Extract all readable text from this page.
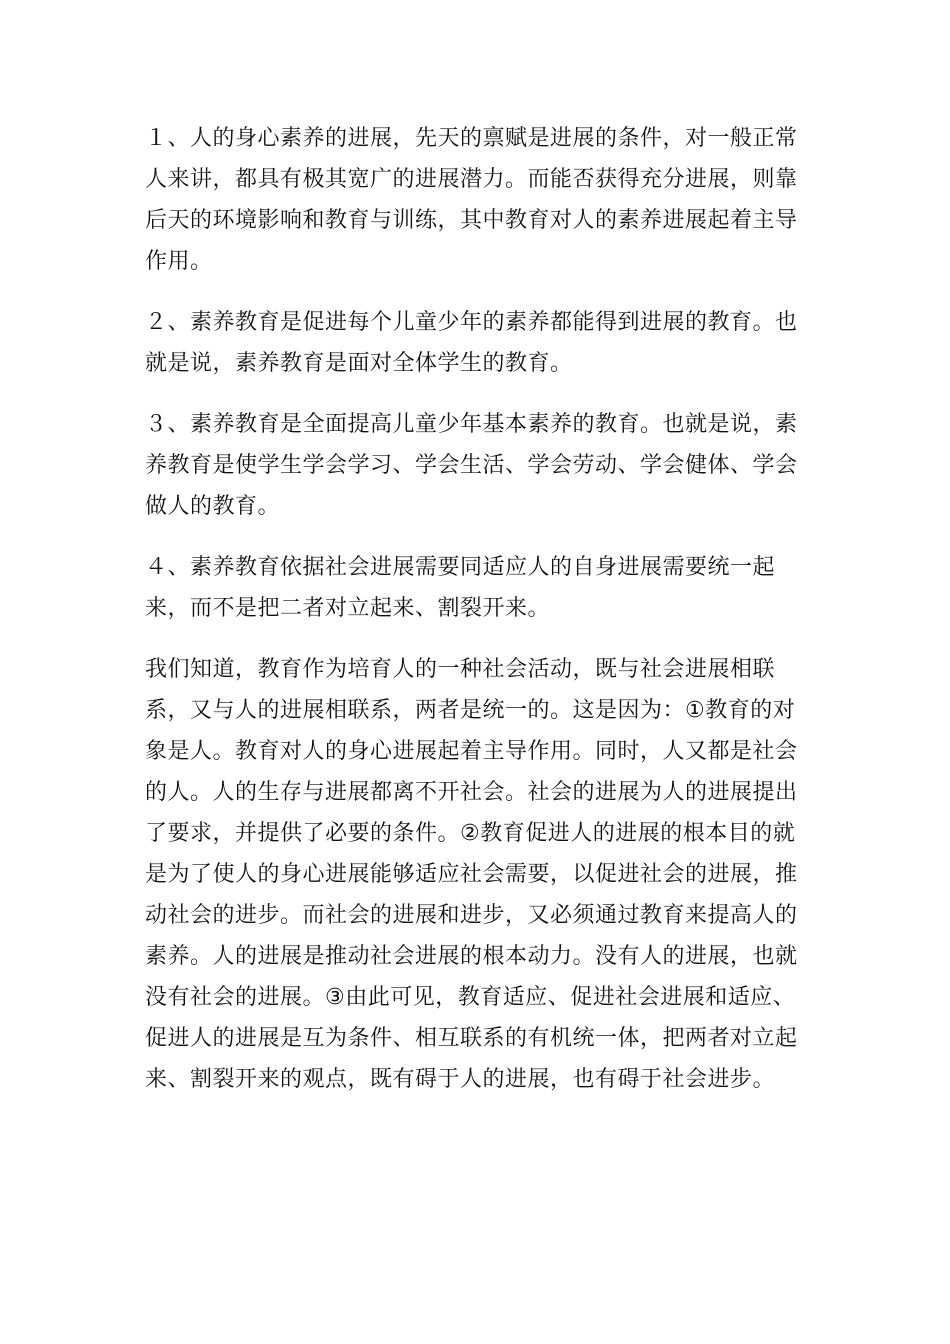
１、人的身心素养的进展，先天的禀赋是进展的条件，对一般正常人来讲，都具有极其宽广的进展潜力。而能否获得充分进展，则靠后天的环境影响和教育与训练，其中教育对人的素养进展起着主导作用。

２、素养教育是促进每个儿童少年的素养都能得到进展的教育。也就是说，素养教育是面对全体学生的教育。

３、素养教育是全面提高儿童少年基本素养的教育。也就是说，素养教育是使学生学会学习、学会生活、学会劳动、学会健体、学会做人的教育。

４、素养教育依据社会进展需要同适应人的自身进展需要统一起来，而不是把二者对立起来、割裂开来。

我们知道，教育作为培育人的一种社会活动，既与社会进展相联系，又与人的进展相联系，两者是统一的。这是因为：①教育的对象是人。教育对人的身心进展起着主导作用。同时，人又都是社会的人。人的生存与进展都离不开社会。社会的进展为人的进展提出了要求，并提供了必要的条件。②教育促进人的进展的根本目的就是为了使人的身心进展能够适应社会需要，以促进社会的进展，推动社会的进步。而社会的进展和进步，又必须通过教育来提高人的素养。人的进展是推动社会进展的根本动力。没有人的进展，也就没有社会的进展。③由此可见，教育适应、促进社会进展和适应、促进人的进展是互为条件、相互联系的有机统一体，把两者对立起来、割裂开来的观点，既有碍于人的进展，也有碍于社会进步。
